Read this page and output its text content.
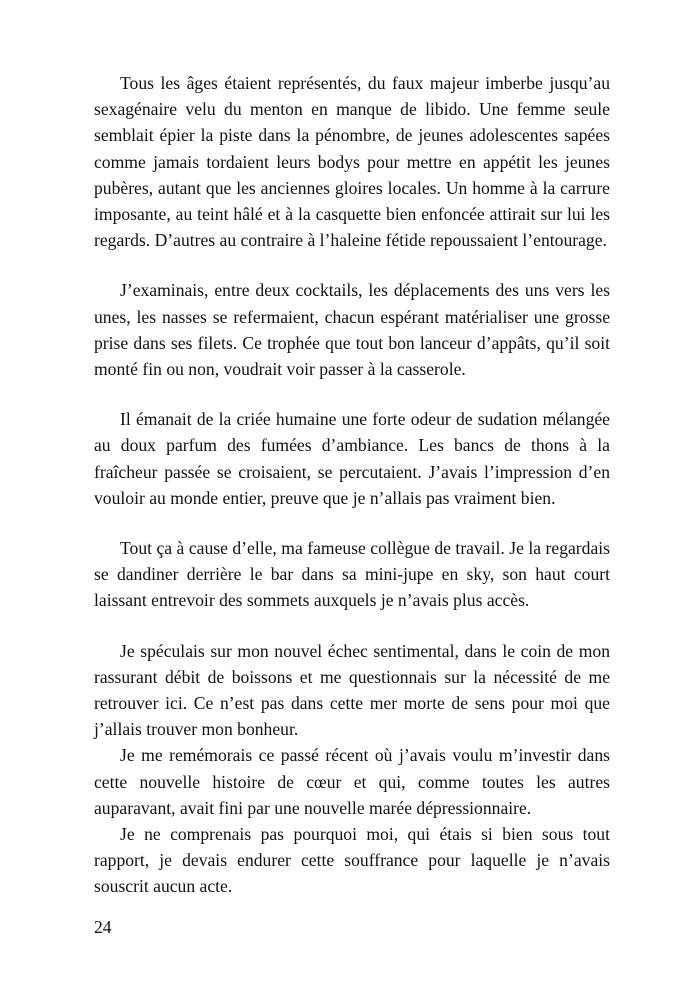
Tous les âges étaient représentés, du faux majeur imberbe jusqu’au sexagénaire velu du menton en manque de libido. Une femme seule semblait épier la piste dans la pénombre, de jeunes adolescentes sapées comme jamais tordaient leurs bodys pour mettre en appétit les jeunes pubères, autant que les anciennes gloires locales. Un homme à la carrure imposante, au teint hâlé et à la casquette bien enfoncée attirait sur lui les regards. D’autres au contraire à l’haleine fétide repoussaient l’entourage.

J’examinais, entre deux cocktails, les déplacements des uns vers les unes, les nasses se refermaient, chacun espérant matérialiser une grosse prise dans ses filets. Ce trophée que tout bon lanceur d’appâts, qu’il soit monté fin ou non, voudrait voir passer à la casserole.

Il émanait de la criée humaine une forte odeur de sudation mélangée au doux parfum des fumées d’ambiance. Les bancs de thons à la fraîcheur passée se croisaient, se percutaient. J’avais l’impression d’en vouloir au monde entier, preuve que je n’allais pas vraiment bien.

Tout ça à cause d’elle, ma fameuse collègue de travail. Je la regardais se dandiner derrière le bar dans sa mini-jupe en sky, son haut court laissant entrevoir des sommets auxquels je n’avais plus accès.

Je spéculais sur mon nouvel échec sentimental, dans le coin de mon rassurant débit de boissons et me questionnais sur la nécessité de me retrouver ici. Ce n’est pas dans cette mer morte de sens pour moi que j’allais trouver mon bonheur.

Je me remémorais ce passé récent où j’avais voulu m’investir dans cette nouvelle histoire de cœur et qui, comme toutes les autres auparavant, avait fini par une nouvelle marée dépressionnaire.

Je ne comprenais pas pourquoi moi, qui étais si bien sous tout rapport, je devais endurer cette souffrance pour laquelle je n’avais souscrit aucun acte.

24
